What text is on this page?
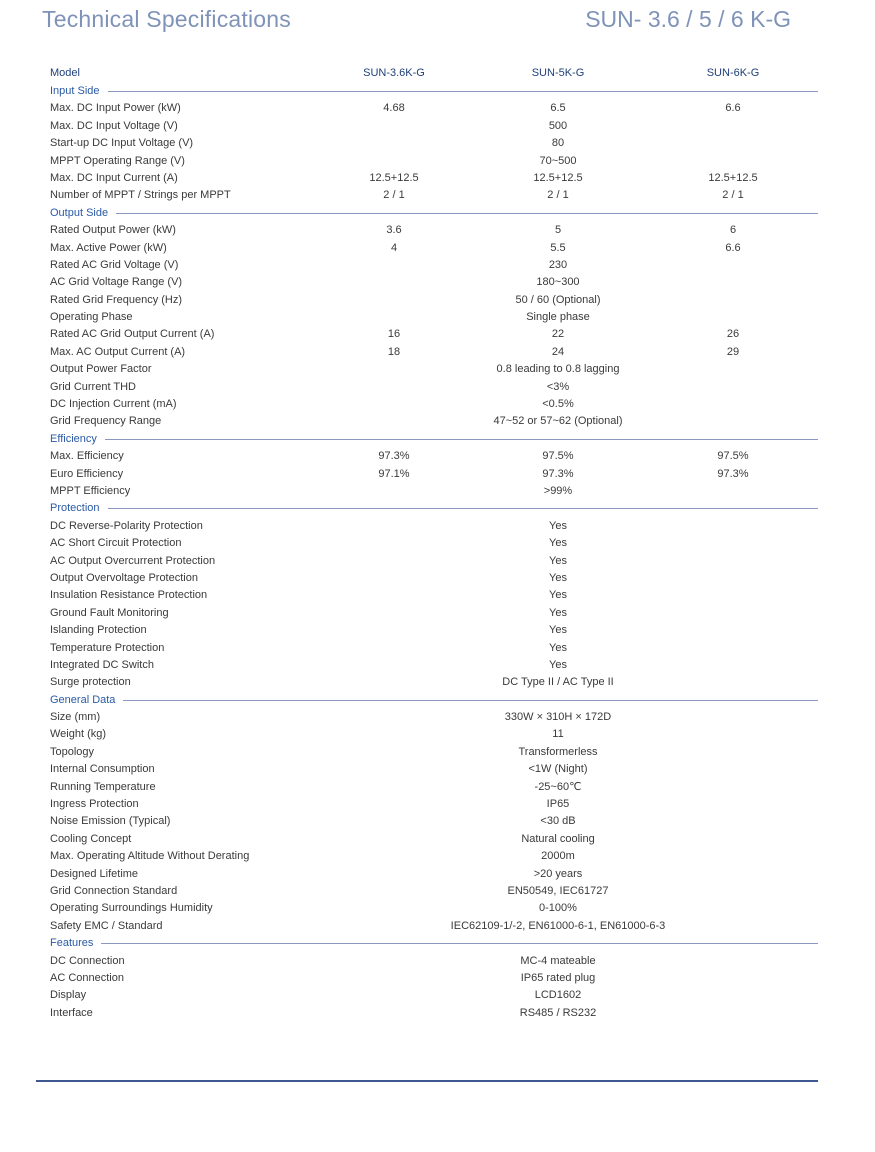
Technical Specifications	SUN- 3.6 / 5 / 6 K-G
Model	SUN-3.6K-G	SUN-5K-G	SUN-6K-G
Input Side
Max. DC Input Power (kW)	4.68	6.5	6.6
Max. DC Input Voltage (V)	500
Start-up DC Input Voltage (V)	80
MPPT Operating Range (V)	70~500
Max. DC Input Current (A)	12.5+12.5	12.5+12.5	12.5+12.5
Number of MPPT / Strings per MPPT	2 / 1	2 / 1	2 / 1
Output Side
Rated Output Power (kW)	3.6	5	6
Max. Active Power (kW)	4	5.5	6.6
Rated AC Grid Voltage (V)	230
AC Grid Voltage Range (V)	180~300
Rated Grid Frequency (Hz)	50 / 60 (Optional)
Operating Phase	Single phase
Rated AC Grid Output Current (A)	16	22	26
Max. AC Output Current (A)	18	24	29
Output Power Factor	0.8 leading to 0.8 lagging
Grid Current THD	<3%
DC Injection Current (mA)	<0.5%
Grid Frequency Range	47~52 or 57~62 (Optional)
Efficiency
Max. Efficiency	97.3%	97.5%	97.5%
Euro Efficiency	97.1%	97.3%	97.3%
MPPT Efficiency	>99%
Protection
DC Reverse-Polarity Protection	Yes
AC Short Circuit Protection	Yes
AC Output Overcurrent Protection	Yes
Output Overvoltage Protection	Yes
Insulation Resistance Protection	Yes
Ground Fault Monitoring	Yes
Islanding Protection	Yes
Temperature Protection	Yes
Integrated DC Switch	Yes
Surge protection	DC Type II / AC Type II
General Data
Size (mm)	330W × 310H × 172D
Weight (kg)	11
Topology	Transformerless
Internal Consumption	<1W (Night)
Running Temperature	-25~60℃
Ingress Protection	IP65
Noise Emission (Typical)	<30 dB
Cooling Concept	Natural cooling
Max. Operating Altitude Without Derating	2000m
Designed Lifetime	>20 years
Grid Connection Standard	EN50549, IEC61727
Operating Surroundings Humidity	0-100%
Safety EMC / Standard	IEC62109-1/-2, EN61000-6-1, EN61000-6-3
Features
DC Connection	MC-4 mateable
AC Connection	IP65 rated plug
Display	LCD1602
Interface	RS485 / RS232
